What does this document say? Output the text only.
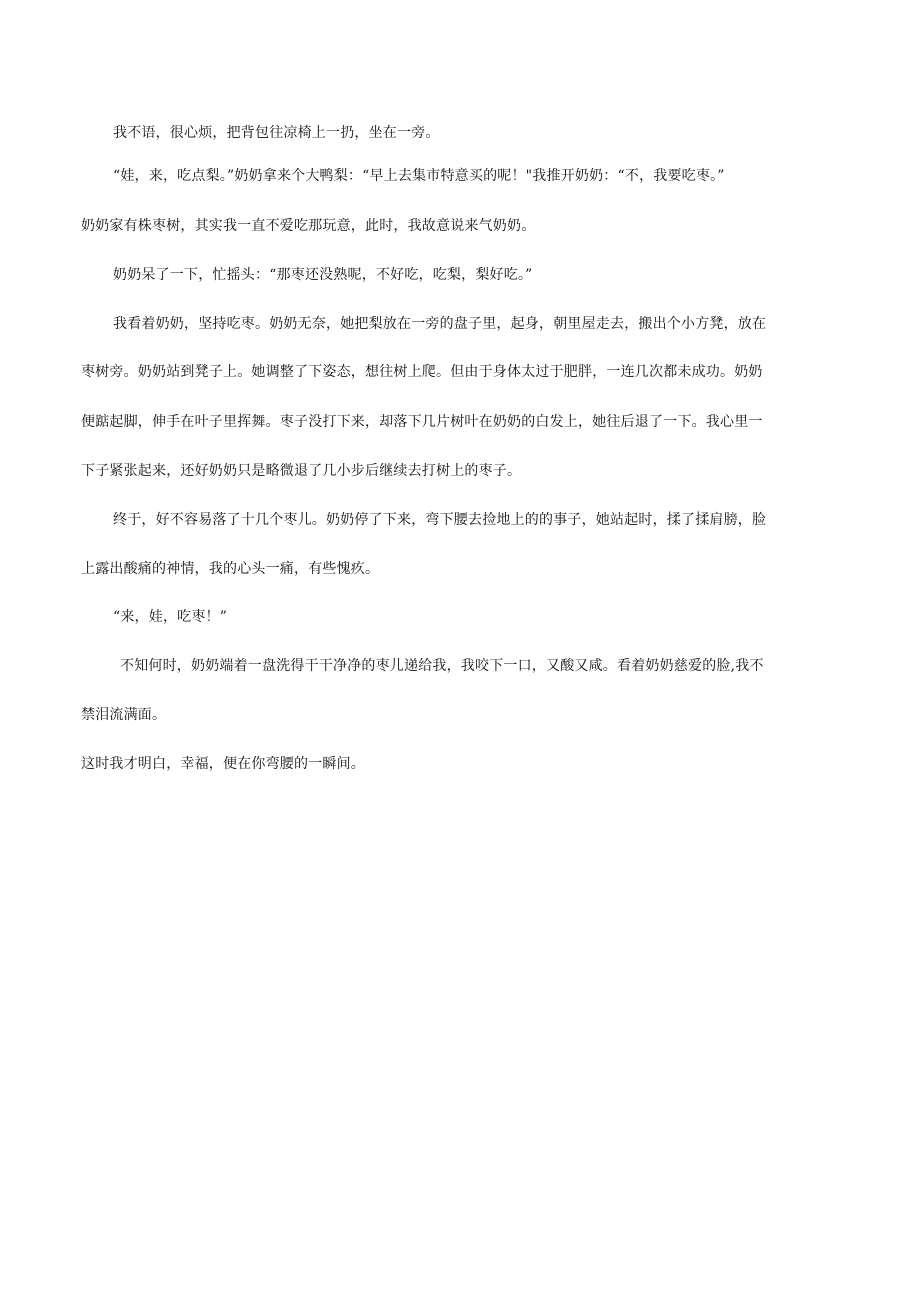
我不语，很心烦，把背包往凉椅上一扔，坐在一旁。

“娃，来，吃点梨。”奶奶拿来个大鸭梨：“早上去集市特意买的呢！"我推开奶奶：“不，我要吃枣。”

奶奶家有株枣树，其实我一直不爱吃那玩意，此时，我故意说来气奶奶。

奶奶呆了一下，忙摇头：“那枣还没熟呢，不好吃，吃梨，梨好吃。”

我看着奶奶，坚持吃枣。奶奶无奈，她把梨放在一旁的盘子里，起身，朝里屋走去，搬出个小方凳，放在

枣树旁。奶奶站到凳子上。她调整了下姿态，想往树上爬。但由于身体太过于肥胖，一连几次都未成功。奶奶

便踮起脚，伸手在叶子里挥舞。枣子没打下来，却落下几片树叶在奶奶的白发上，她往后退了一下。我心里一

下子紧张起来，还好奶奶只是略微退了几小步后继续去打树上的枣子。

终于，好不容易落了十几个枣儿。奶奶停了下来，弯下腰去捡地上的的事子，她站起时，揉了揉肩膀，脸

上露出酸痛的神情，我的心头一痛，有些愧疚。

“来，娃，吃枣！”

不知何时，奶奶端着一盘洗得干干净净的枣儿递给我，我咬下一口，又酸又咸。看着奶奶慈爱的脸,我不

禁泪流满面。

这时我才明白，幸福，便在你弯腰的一瞬间。
